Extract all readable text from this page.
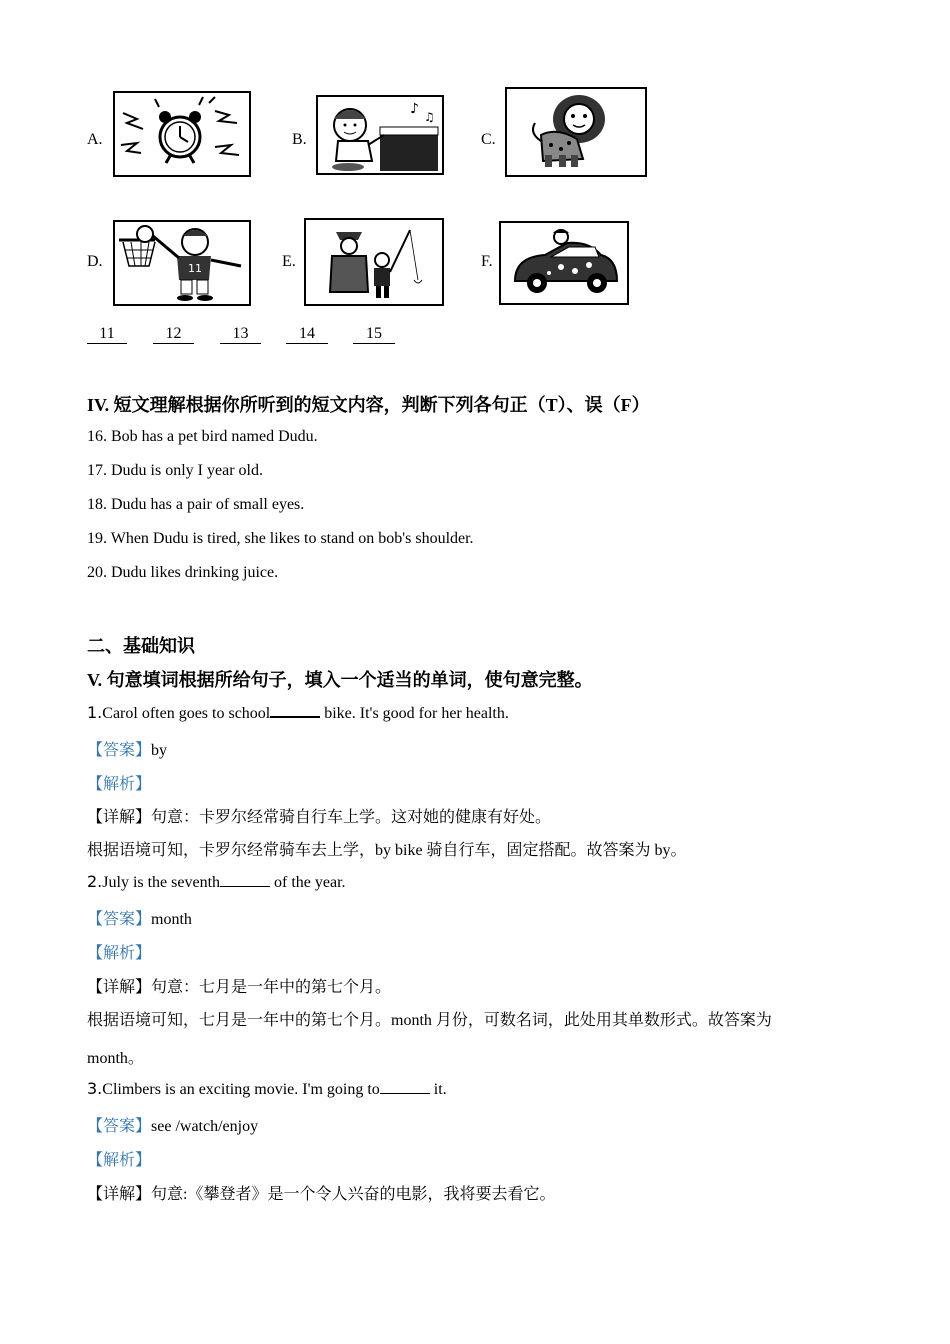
A.	B.
♪ ♫
C.
D.	11	E.	F.
11	12	13	14	15
IV. 短文理解根据你所听到的短文内容，判断下列各句正（T）、误（F）
16. Bob has a pet bird named Dudu.
17. Dudu is only I year old.
18. Dudu has a pair of small eyes.
19. When Dudu is tired, she likes to stand on bob's shoulder.
20. Dudu likes drinking juice.
二、基础知识
V. 句意填词根据所给句子，填入一个适当的单词，使句意完整。
1.Carol often goes to school	bike. It's good for her health.
【答案】by
【解析】
【详解】句意：卡罗尔经常骑自行车上学。这对她的健康有好处。
根据语境可知，卡罗尔经常骑车去上学，by bike 骑自行车，固定搭配。故答案为 by。
2.July is the seventh	of the year.
【答案】month
【解析】
【详解】句意：七月是一年中的第七个月。
根据语境可知，七月是一年中的第七个月。month 月份，可数名词，此处用其单数形式。故答案为
month。
3.Climbers is an exciting movie. I'm going to	it.
【答案】see /watch/enjoy
【解析】
【详解】句意:《攀登者》是一个令人兴奋的电影，我将要去看它。
